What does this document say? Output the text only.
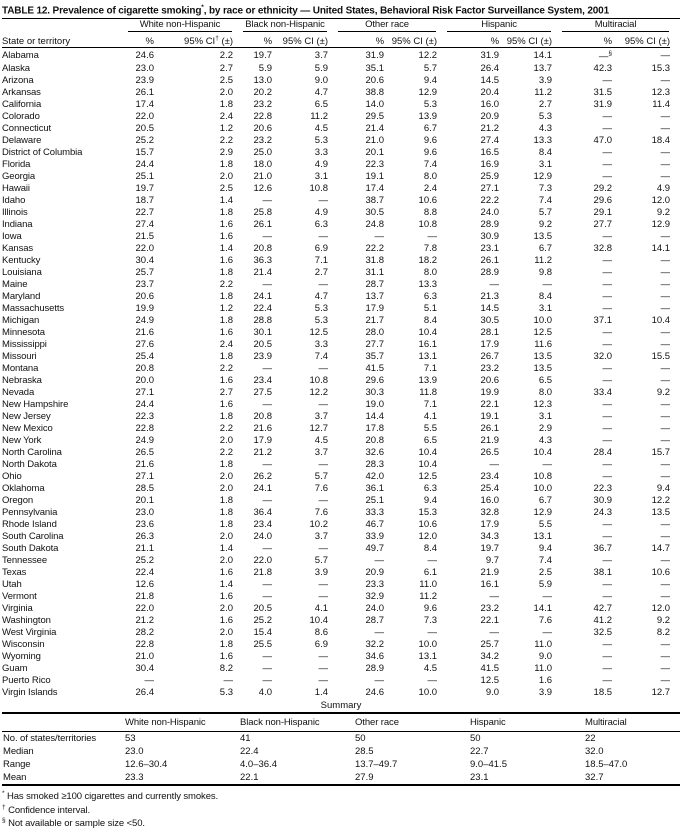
TABLE 12. Prevalence of cigarette smoking*, by race or ethnicity — United States, Behavioral Risk Factor Surveillance System, 2001

	White non-Hispanic		Black non-Hispanic		Other race		Hispanic		Multiracial	

State or territory	%	95% CI† (±)	%	95% CI (±)	%	95% CI (±)	%	95% CI (±)	%	95% CI (±)
Alabama	24.6	2.2	19.7	3.7	31.9	12.2	31.9	14.1	—§	—
Alaska	23.0	2.7	5.9	5.9	35.1	5.7	26.4	13.7	42.3	15.3
Arizona	23.9	2.5	13.0	9.0	20.6	9.4	14.5	3.9	—	—
Arkansas	26.1	2.0	20.2	4.7	38.8	12.9	20.4	11.2	31.5	12.3
California	17.4	1.8	23.2	6.5	14.0	5.3	16.0	2.7	31.9	11.4
Colorado	22.0	2.4	22.8	11.2	29.5	13.9	20.9	5.3	—	—
Connecticut	20.5	1.2	20.6	4.5	21.4	6.7	21.2	4.3	—	—
Delaware	25.2	2.2	23.2	5.3	21.0	9.6	27.4	13.3	47.0	18.4
District of Columbia	15.7	2.9	25.0	3.3	20.1	9.6	16.5	8.4	—	—
Florida	24.4	1.8	18.0	4.9	22.3	7.4	16.9	3.1	—	—
Georgia	25.1	2.0	21.0	3.1	19.1	8.0	25.9	12.9	—	—
Hawaii	19.7	2.5	12.6	10.8	17.4	2.4	27.1	7.3	29.2	4.9
Idaho	18.7	1.4	—	—	38.7	10.6	22.2	7.4	29.6	12.0
Illinois	22.7	1.8	25.8	4.9	30.5	8.8	24.0	5.7	29.1	9.2
Indiana	27.4	1.6	26.1	6.3	24.8	10.8	28.9	9.2	27.7	12.9
Iowa	21.5	1.6	—	—	—	—	30.9	13.5	—	—
Kansas	22.0	1.4	20.8	6.9	22.2	7.8	23.1	6.7	32.8	14.1
Kentucky	30.4	1.6	36.3	7.1	31.8	18.2	26.1	11.2	—	—
Louisiana	25.7	1.8	21.4	2.7	31.1	8.0	28.9	9.8	—	—
Maine	23.7	2.2	—	—	28.7	13.3	—	—	—	—
Maryland	20.6	1.8	24.1	4.7	13.7	6.3	21.3	8.4	—	—
Massachusetts	19.9	1.2	22.4	5.3	17.9	5.1	14.5	3.1	—	—
Michigan	24.9	1.8	28.8	5.3	21.7	8.4	30.5	10.0	37.1	10.4
Minnesota	21.6	1.6	30.1	12.5	28.0	10.4	28.1	12.5	—	—
Mississippi	27.6	2.4	20.5	3.3	27.7	16.1	17.9	11.6	—	—
Missouri	25.4	1.8	23.9	7.4	35.7	13.1	26.7	13.5	32.0	15.5
Montana	20.8	2.2	—	—	41.5	7.1	23.2	13.5	—	—
Nebraska	20.0	1.6	23.4	10.8	29.6	13.9	20.6	6.5	—	—
Nevada	27.1	2.7	27.5	12.2	30.3	11.8	19.9	8.0	33.4	9.2
New Hampshire	24.4	1.6	—	—	19.0	7.1	22.1	12.3	—	—
New Jersey	22.3	1.8	20.8	3.7	14.4	4.1	19.1	3.1	—	—
New Mexico	22.8	2.2	21.6	12.7	17.8	5.5	26.1	2.9	—	—
New York	24.9	2.0	17.9	4.5	20.8	6.5	21.9	4.3	—	—
North Carolina	26.5	2.2	21.2	3.7	32.6	10.4	26.5	10.4	28.4	15.7
North Dakota	21.6	1.8	—	—	28.3	10.4	—	—	—	—
Ohio	27.1	2.0	26.2	5.7	42.0	12.5	23.4	10.8	—	—
Oklahoma	28.5	2.0	24.1	7.6	36.1	6.3	25.4	10.0	22.3	9.4
Oregon	20.1	1.8	—	—	25.1	9.4	16.0	6.7	30.9	12.2
Pennsylvania	23.0	1.8	36.4	7.6	33.3	15.3	32.8	12.9	24.3	13.5
Rhode Island	23.6	1.8	23.4	10.2	46.7	10.6	17.9	5.5	—	—
South Carolina	26.3	2.0	24.0	3.7	33.9	12.0	34.3	13.1	—	—
South Dakota	21.1	1.4	—	—	49.7	8.4	19.7	9.4	36.7	14.7
Tennessee	25.2	2.0	22.0	5.7	—	—	9.7	7.4	—	—
Texas	22.4	1.6	21.8	3.9	20.9	6.1	21.9	2.5	38.1	10.6
Utah	12.6	1.4	—	—	23.3	11.0	16.1	5.9	—	—
Vermont	21.8	1.6	—	—	32.9	11.2	—	—	—	—
Virginia	22.0	2.0	20.5	4.1	24.0	9.6	23.2	14.1	42.7	12.0
Washington	21.2	1.6	25.2	10.4	28.7	7.3	22.1	7.6	41.2	9.2
West Virginia	28.2	2.0	15.4	8.6	—	—	—	—	32.5	8.2
Wisconsin	22.8	1.8	25.5	6.9	32.2	10.0	25.7	11.0	—	—
Wyoming	21.0	1.6	—	—	34.6	13.1	34.2	9.0	—	—
Guam	30.4	8.2	—	—	28.9	4.5	41.5	11.0	—	—
Puerto Rico	—	—	—	—	—	—	12.5	1.6	—	—
Virgin Islands	26.4	5.3	4.0	1.4	24.6	10.0	9.0	3.9	18.5	12.7
Summary
	White non-Hispanic	Black non-Hispanic	Other race	Hispanic	Multiracial
No. of states/territories	53	41	50	50	22
Median	23.0	22.4	28.5	22.7	32.0
Range	12.6–30.4	4.0–36.4	13.7–49.7	9.0–41.5	18.5–47.0
Mean	23.3	22.1	27.9	23.1	32.7
* Has smoked ≥100 cigarettes and currently smokes.
† Confidence interval.
§ Not available or sample size <50.
